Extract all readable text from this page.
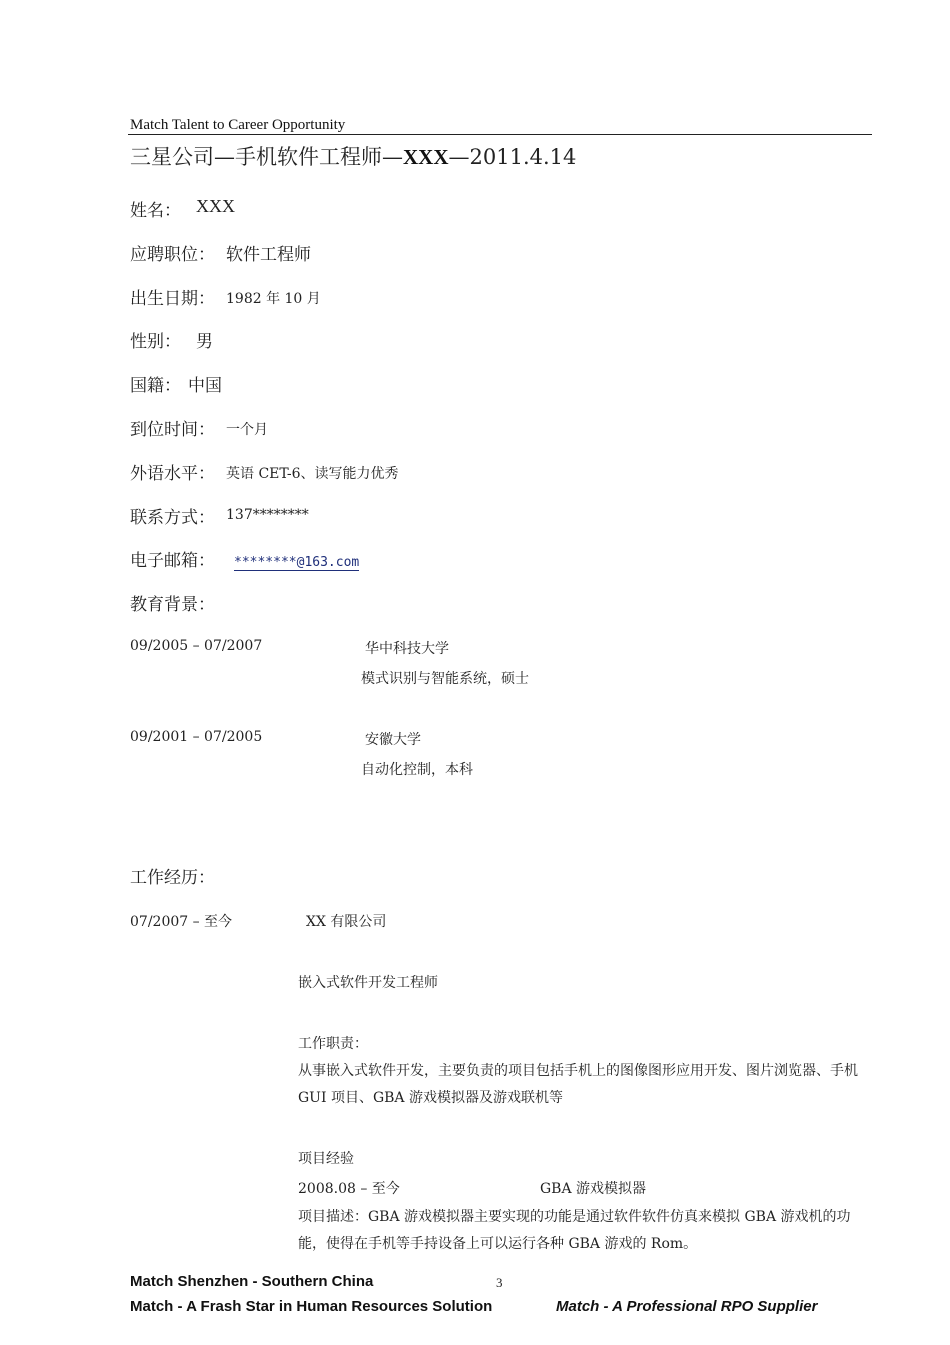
Match Talent to Career Opportunity
三星公司—手机软件工程师—XXX—2011.4.14
姓名： XXX
应聘职位： 软件工程师
出生日期： 1982 年 10 月
性别： 男
国籍： 中国
到位时间： 一个月
外语水平： 英语 CET-6、读写能力优秀
联系方式： 137********
电子邮箱： ********@163.com
教育背景：
09/2005 – 07/2007	华中科技大学
模式识别与智能系统，硕士
09/2001 – 07/2005	安徽大学
自动化控制，本科
工作经历：
07/2007 – 至今	XX 有限公司
嵌入式软件开发工程师
工作职责：
从事嵌入式软件开发，主要负责的项目包括手机上的图像图形应用开发、图片浏览器、手机 GUI 项目、GBA 游戏模拟器及游戏联机等
项目经验
2008.08 – 至今	GBA 游戏模拟器
项目描述：GBA 游戏模拟器主要实现的功能是通过软件软件仿真来模拟 GBA 游戏机的功能，使得在手机等手持设备上可以运行各种 GBA 游戏的 Rom。
Match Shenzhen - Southern China	3
Match - A Frash Star in Human Resources Solution	Match - A Professional RPO Supplier
